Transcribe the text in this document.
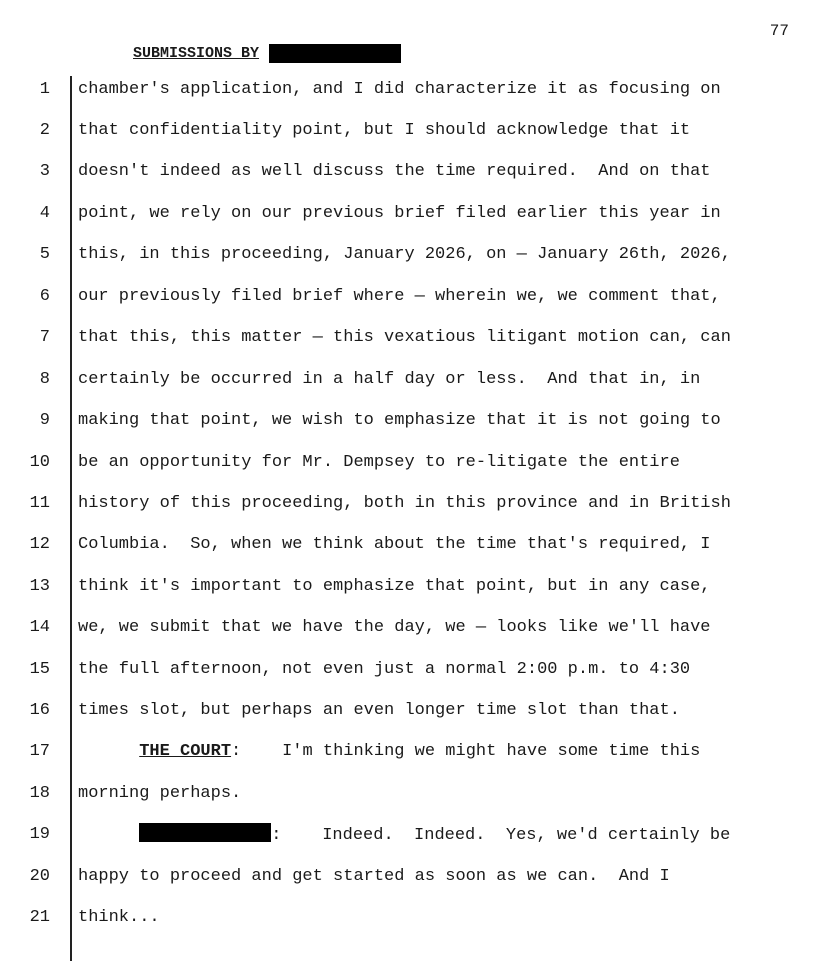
77
SUBMISSIONS BY
1 chamber's application, and I did characterize it as focusing on
2 that confidentiality point, but I should acknowledge that it
3 doesn't indeed as well discuss the time required.  And on that
4 point, we rely on our previous brief filed earlier this year in
5 this, in this proceeding, January 2026, on — January 26th, 2026,
6 our previously filed brief where — wherein we, we comment that,
7 that this, this matter — this vexatious litigant motion can, can
8 certainly be occurred in a half day or less.  And that in, in
9 making that point, we wish to emphasize that it is not going to
10 be an opportunity for Mr. Dempsey to re-litigate the entire
11 history of this proceeding, both in this province and in British
12 Columbia.  So, when we think about the time that's required, I
13 think it's important to emphasize that point, but in any case,
14 we, we submit that we have the day, we — looks like we'll have
15 the full afternoon, not even just a normal 2:00 p.m. to 4:30
16 times slot, but perhaps an even longer time slot than that.
17	THE COURT:    I'm thinking we might have some time this
18 morning perhaps.
19	:    Indeed.  Indeed.  Yes, we'd certainly be
20 happy to proceed and get started as soon as we can.  And I
21 think...
